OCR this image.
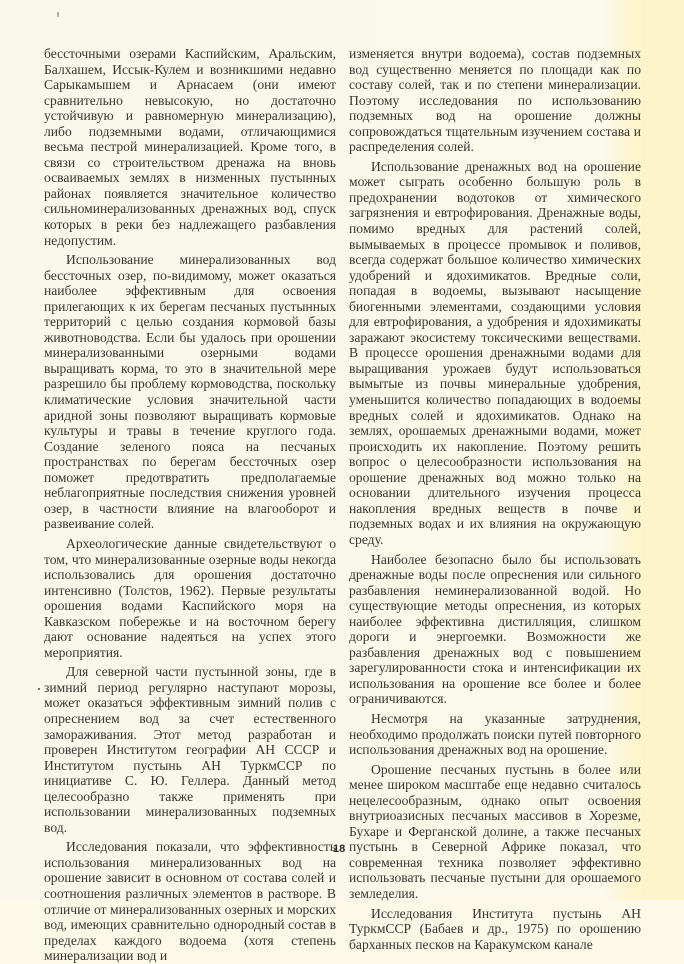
бессточными озерами Каспийским, Аральским, Балхашем, Иссык-Кулем и возникшими недавно Сарыкамышем и Арнасаем (они имеют сравнительно невысокую, но достаточно устойчивую и равномерную минерализацию), либо подземными водами, отличающимися весьма пестрой минерализацией. Кроме того, в связи со строительством дренажа на вновь осваиваемых землях в низменных пустынных районах появляется значительное количество сильноминерализованных дренажных вод, спуск которых в реки без надлежащего разбавления недопустим.

Использование минерализованных вод бессточных озер, по-видимому, может оказаться наиболее эффективным для освоения прилегающих к их берегам песчаных пустынных территорий с целью создания кормовой базы животноводства. Если бы удалось при орошении минерализованными озерными водами выращивать корма, то это в значительной мере разрешило бы проблему кормоводства, поскольку климатические условия значительной части аридной зоны позволяют выращивать кормовые культуры и травы в течение круглого года. Создание зеленого пояса на песчаных пространствах по берегам бессточных озер поможет предотвратить предполагаемые неблагоприятные последствия снижения уровней озер, в частности влияние на влагооборот и развеивание солей.

Археологические данные свидетельствуют о том, что минерализованные озерные воды некогда использовались для орошения достаточно интенсивно (Толстов, 1962). Первые результаты орошения водами Каспийского моря на Кавказском побережье и на восточном берегу дают основание надеяться на успех этого мероприятия.

Для северной части пустынной зоны, где в зимний период регулярно наступают морозы, может оказаться эффективным зимний полив с опреснением вод за счет естественного замораживания. Этот метод разработан и проверен Институтом географии АН СССР и Институтом пустынь АН ТуркмССР по инициативе С. Ю. Геллера. Данный метод целесообразно также применять при использовании минерализованных подземных вод.

Исследования показали, что эффективность использования минерализованных вод на орошение зависит в основном от состава солей и соотношения различных элементов в растворе. В отличие от минерализованных озерных и морских вод, имеющих сравнительно однородный состав в пределах каждого водоема (хотя степень минерализации вод и

изменяется внутри водоема), состав подземных вод существенно меняется по площади как по составу солей, так и по степени минерализации. Поэтому исследования по использованию подземных вод на орошение должны сопровождаться тщательным изучением состава и распределения солей.

Использование дренажных вод на орошение может сыграть особенно большую роль в предохранении водотоков от химического загрязнения и евтрофирования. Дренажные воды, помимо вредных для растений солей, вымываемых в процессе промывок и поливов, всегда содержат большое количество химических удобрений и ядохимикатов. Вредные соли, попадая в водоемы, вызывают насыщение биогенными элементами, создающими условия для евтрофирования, а удобрения и ядохимикаты заражают экосистему токсическими веществами. В процессе орошения дренажными водами для выращивания урожаев будут использоваться вымытые из почвы минеральные удобрения, уменьшится количество попадающих в водоемы вредных солей и ядохимикатов. Однако на землях, орошаемых дренажными водами, может происходить их накопление. Поэтому решить вопрос о целесообразности использования на орошение дренажных вод можно только на основании длительного изучения процесса накопления вредных веществ в почве и подземных водах и их влияния на окружающую среду.

Наиболее безопасно было бы использовать дренажные воды после опреснения или сильного разбавления неминерализованной водой. Но существующие методы опреснения, из которых наиболее эффективна дистилляция, слишком дороги и энергоемки. Возможности же разбавления дренажных вод с повышением зарегулированности стока и интенсификации их использования на орошение все более и более ограничиваются.

Несмотря на указанные затруднения, необходимо продолжать поиски путей повторного использования дренажных вод на орошение.

Орошение песчаных пустынь в более или менее широком масштабе еще недавно считалось нецелесообразным, однако опыт освоения внутриоазисных песчаных массивов в Хорезме, Бухаре и Ферганской долине, а также песчаных пустынь в Северной Африке показал, что современная техника позволяет эффективно использовать песчаные пустыни для орошаемого земледелия.

Исследования Института пустынь АН ТуркмССР (Бабаев и др., 1975) по орошению барханных песков на Каракумском канале

18
